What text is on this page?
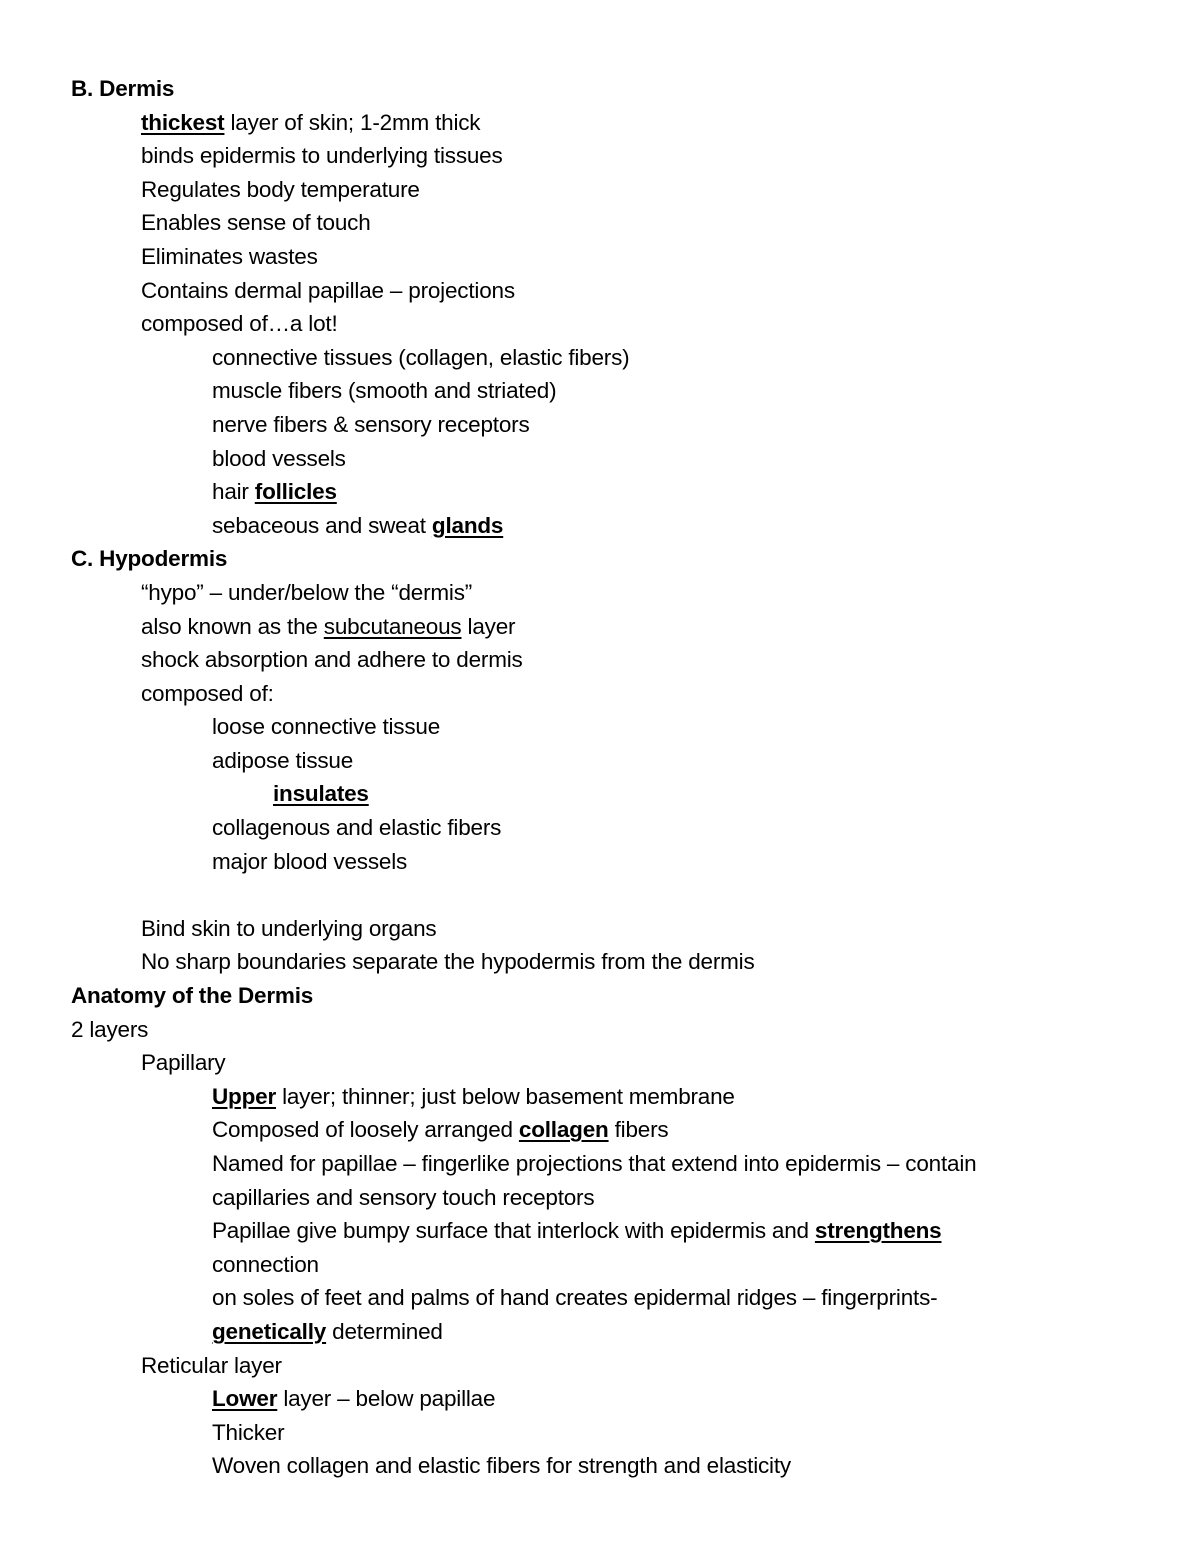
B. Dermis
thickest layer of skin; 1-2mm thick
binds epidermis to underlying tissues
Regulates body temperature
Enables sense of touch
Eliminates wastes
Contains dermal papillae – projections
composed of…a lot!
connective tissues (collagen, elastic fibers)
muscle fibers (smooth and striated)
nerve fibers & sensory receptors
blood vessels
hair follicles
sebaceous and sweat glands
C. Hypodermis
“hypo” – under/below the “dermis”
also known as the subcutaneous layer
shock absorption and adhere to dermis
composed of:
loose connective tissue
adipose tissue
insulates
collagenous and elastic fibers
major blood vessels
Bind skin to underlying organs
No sharp boundaries separate the hypodermis from the dermis
Anatomy of the Dermis
2 layers
Papillary
Upper layer; thinner; just below basement membrane
Composed of loosely arranged collagen fibers
Named for papillae – fingerlike projections that extend into epidermis – contain
capillaries and sensory touch receptors
Papillae give bumpy surface that interlock with epidermis and strengthens
connection
on soles of feet and palms of hand creates epidermal ridges – fingerprints-
genetically determined
Reticular layer
Lower layer – below papillae
Thicker
Woven collagen and elastic fibers for strength and elasticity
